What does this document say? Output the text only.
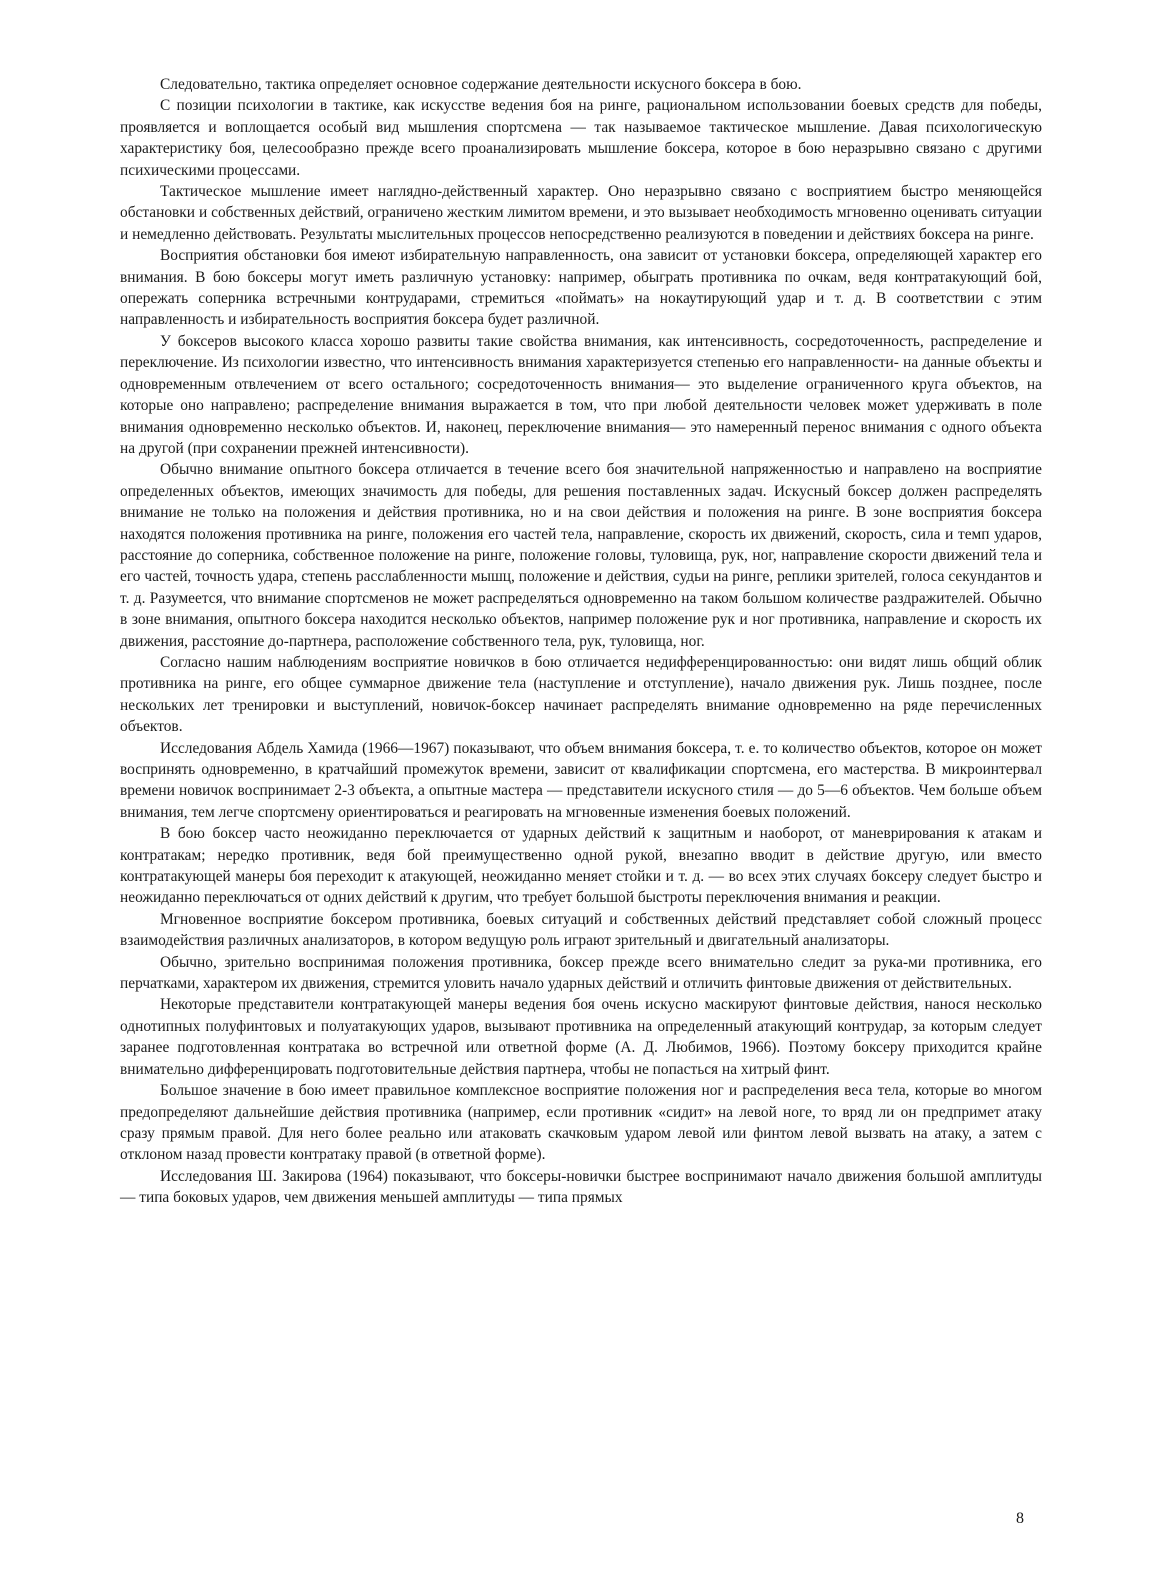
Следовательно, тактика определяет основное содержание деятельности искусного боксера в бою.

С позиции психологии в тактике, как искусстве ведения боя на ринге, рациональном использовании боевых средств для победы, проявляется и воплощается особый вид мышления спортсмена — так называемое тактическое мышление. Давая психологическую характеристику боя, целесообразно прежде всего проанализировать мышление боксера, которое в бою неразрывно связано с другими психическими процессами.

Тактическое мышление имеет наглядно-действенный характер. Оно неразрывно связано с восприятием быстро меняющейся обстановки и собственных действий, ограничено жестким лимитом времени, и это вызывает необходимость мгновенно оценивать ситуации и немедленно действовать. Результаты мыслительных процессов непосредственно реализуются в поведении и действиях боксера на ринге.

Восприятия обстановки боя имеют избирательную направленность, она зависит от установки боксера, определяющей характер его внимания. В бою боксеры могут иметь различную установку: например, обыграть противника по очкам, ведя контратакующий бой, опережать соперника встречными контрударами, стремиться «поймать» на нокаутирующий удар и т. д. В соответствии с этим направленность и избирательность восприятия боксера будет различной.

У боксеров высокого класса хорошо развиты такие свойства внимания, как интенсивность, сосредоточенность, распределение и переключение. Из психологии известно, что интенсивность внимания характеризуется степенью его направленности- на данные объекты и одновременным отвлечением от всего остального; сосредоточенность внимания— это выделение ограниченного круга объектов, на которые оно направлено; распределение внимания выражается в том, что при любой деятельности человек может удерживать в поле внимания одновременно несколько объектов. И, наконец, переключение внимания— это намеренный перенос внимания с одного объекта на другой (при сохранении прежней интенсивности).

Обычно внимание опытного боксера отличается в течение всего боя значительной напряженностью и направлено на восприятие определенных объектов, имеющих значимость для победы, для решения поставленных задач. Искусный боксер должен распределять внимание не только на положения и действия противника, но и на свои действия и положения на ринге. В зоне восприятия боксера находятся положения противника на ринге, положения его частей тела, направление, скорость их движений, скорость, сила и темп ударов, расстояние до соперника, собственное положение на ринге, положение головы, туловища, рук, ног, направление скорости движений тела и его частей, точность удара, степень расслабленности мышц, положение и действия, судьи на ринге, реплики зрителей, голоса секундантов и т. д. Разумеется, что внимание спортсменов не может распределяться одновременно на таком большом количестве раздражителей. Обычно в зоне внимания, опытного боксера находится несколько объектов, например положение рук и ног противника, направление и скорость их движения, расстояние до-партнера, расположение собственного тела, рук, туловища, ног.

Согласно нашим наблюдениям восприятие новичков в бою отличается недифференцированностью: они видят лишь общий облик противника на ринге, его общее суммарное движение тела (наступление и отступление), начало движения рук. Лишь позднее, после нескольких лет тренировки и выступлений, новичок-боксер начинает распределять внимание одновременно на ряде перечисленных объектов.

Исследования Абдель Хамида (1966—1967) показывают, что объем внимания боксера, т. е. то количество объектов, которое он может воспринять одновременно, в кратчайший промежуток времени, зависит от квалификации спортсмена, его мастерства. В микроинтервал времени новичок воспринимает 2-3 объекта, а опытные мастера — представители искусного стиля — до 5—6 объектов. Чем больше объем внимания, тем легче спортсмену ориентироваться и реагировать на мгновенные изменения боевых положений.

В бою боксер часто неожиданно переключается от ударных действий к защитным и наоборот, от маневрирования к атакам и контратакам; нередко противник, ведя бой преимущественно одной рукой, внезапно вводит в действие другую, или вместо контратакующей манеры боя переходит к атакующей, неожиданно меняет стойки и т. д. — во всех этих случаях боксеру следует быстро и неожиданно переключаться от одних действий к другим, что требует большой быстроты переключения внимания и реакции.

Мгновенное восприятие боксером противника, боевых ситуаций и собственных действий представляет собой сложный процесс взаимодействия различных анализаторов, в котором ведущую роль играют зрительный и двигательный анализаторы.

Обычно, зрительно воспринимая положения противника, боксер прежде всего внимательно следит за рука-ми противника, его перчатками, характером их движения, стремится уловить начало ударных действий и отличить финтовые движения от действительных.

Некоторые представители контратакующей манеры ведения боя очень искусно маскируют финтовые действия, нанося несколько однотипных полуфинтовых и полуатакующих ударов, вызывают противника на определенный атакующий контрудар, за которым следует заранее подготовленная контратака во встречной или ответной форме (А. Д. Любимов, 1966). Поэтому боксеру приходится крайне внимательно дифференцировать подготовительные действия партнера, чтобы не попасться на хитрый финт.

Большое значение в бою имеет правильное комплексное восприятие положения ног и распределения веса тела, которые во многом предопределяют дальнейшие действия противника (например, если противник «сидит» на левой ноге, то вряд ли он предпримет атаку сразу прямым правой. Для него более реально или атаковать скачковым ударом левой или финтом левой вызвать на атаку, а затем с отклоном назад провести контратаку правой (в ответной форме).

Исследования Ш. Закирова (1964) показывают, что боксеры-новички быстрее воспринимают начало движения большой амплитуды — типа боковых ударов, чем движения меньшей амплитуды — типа прямых

8
